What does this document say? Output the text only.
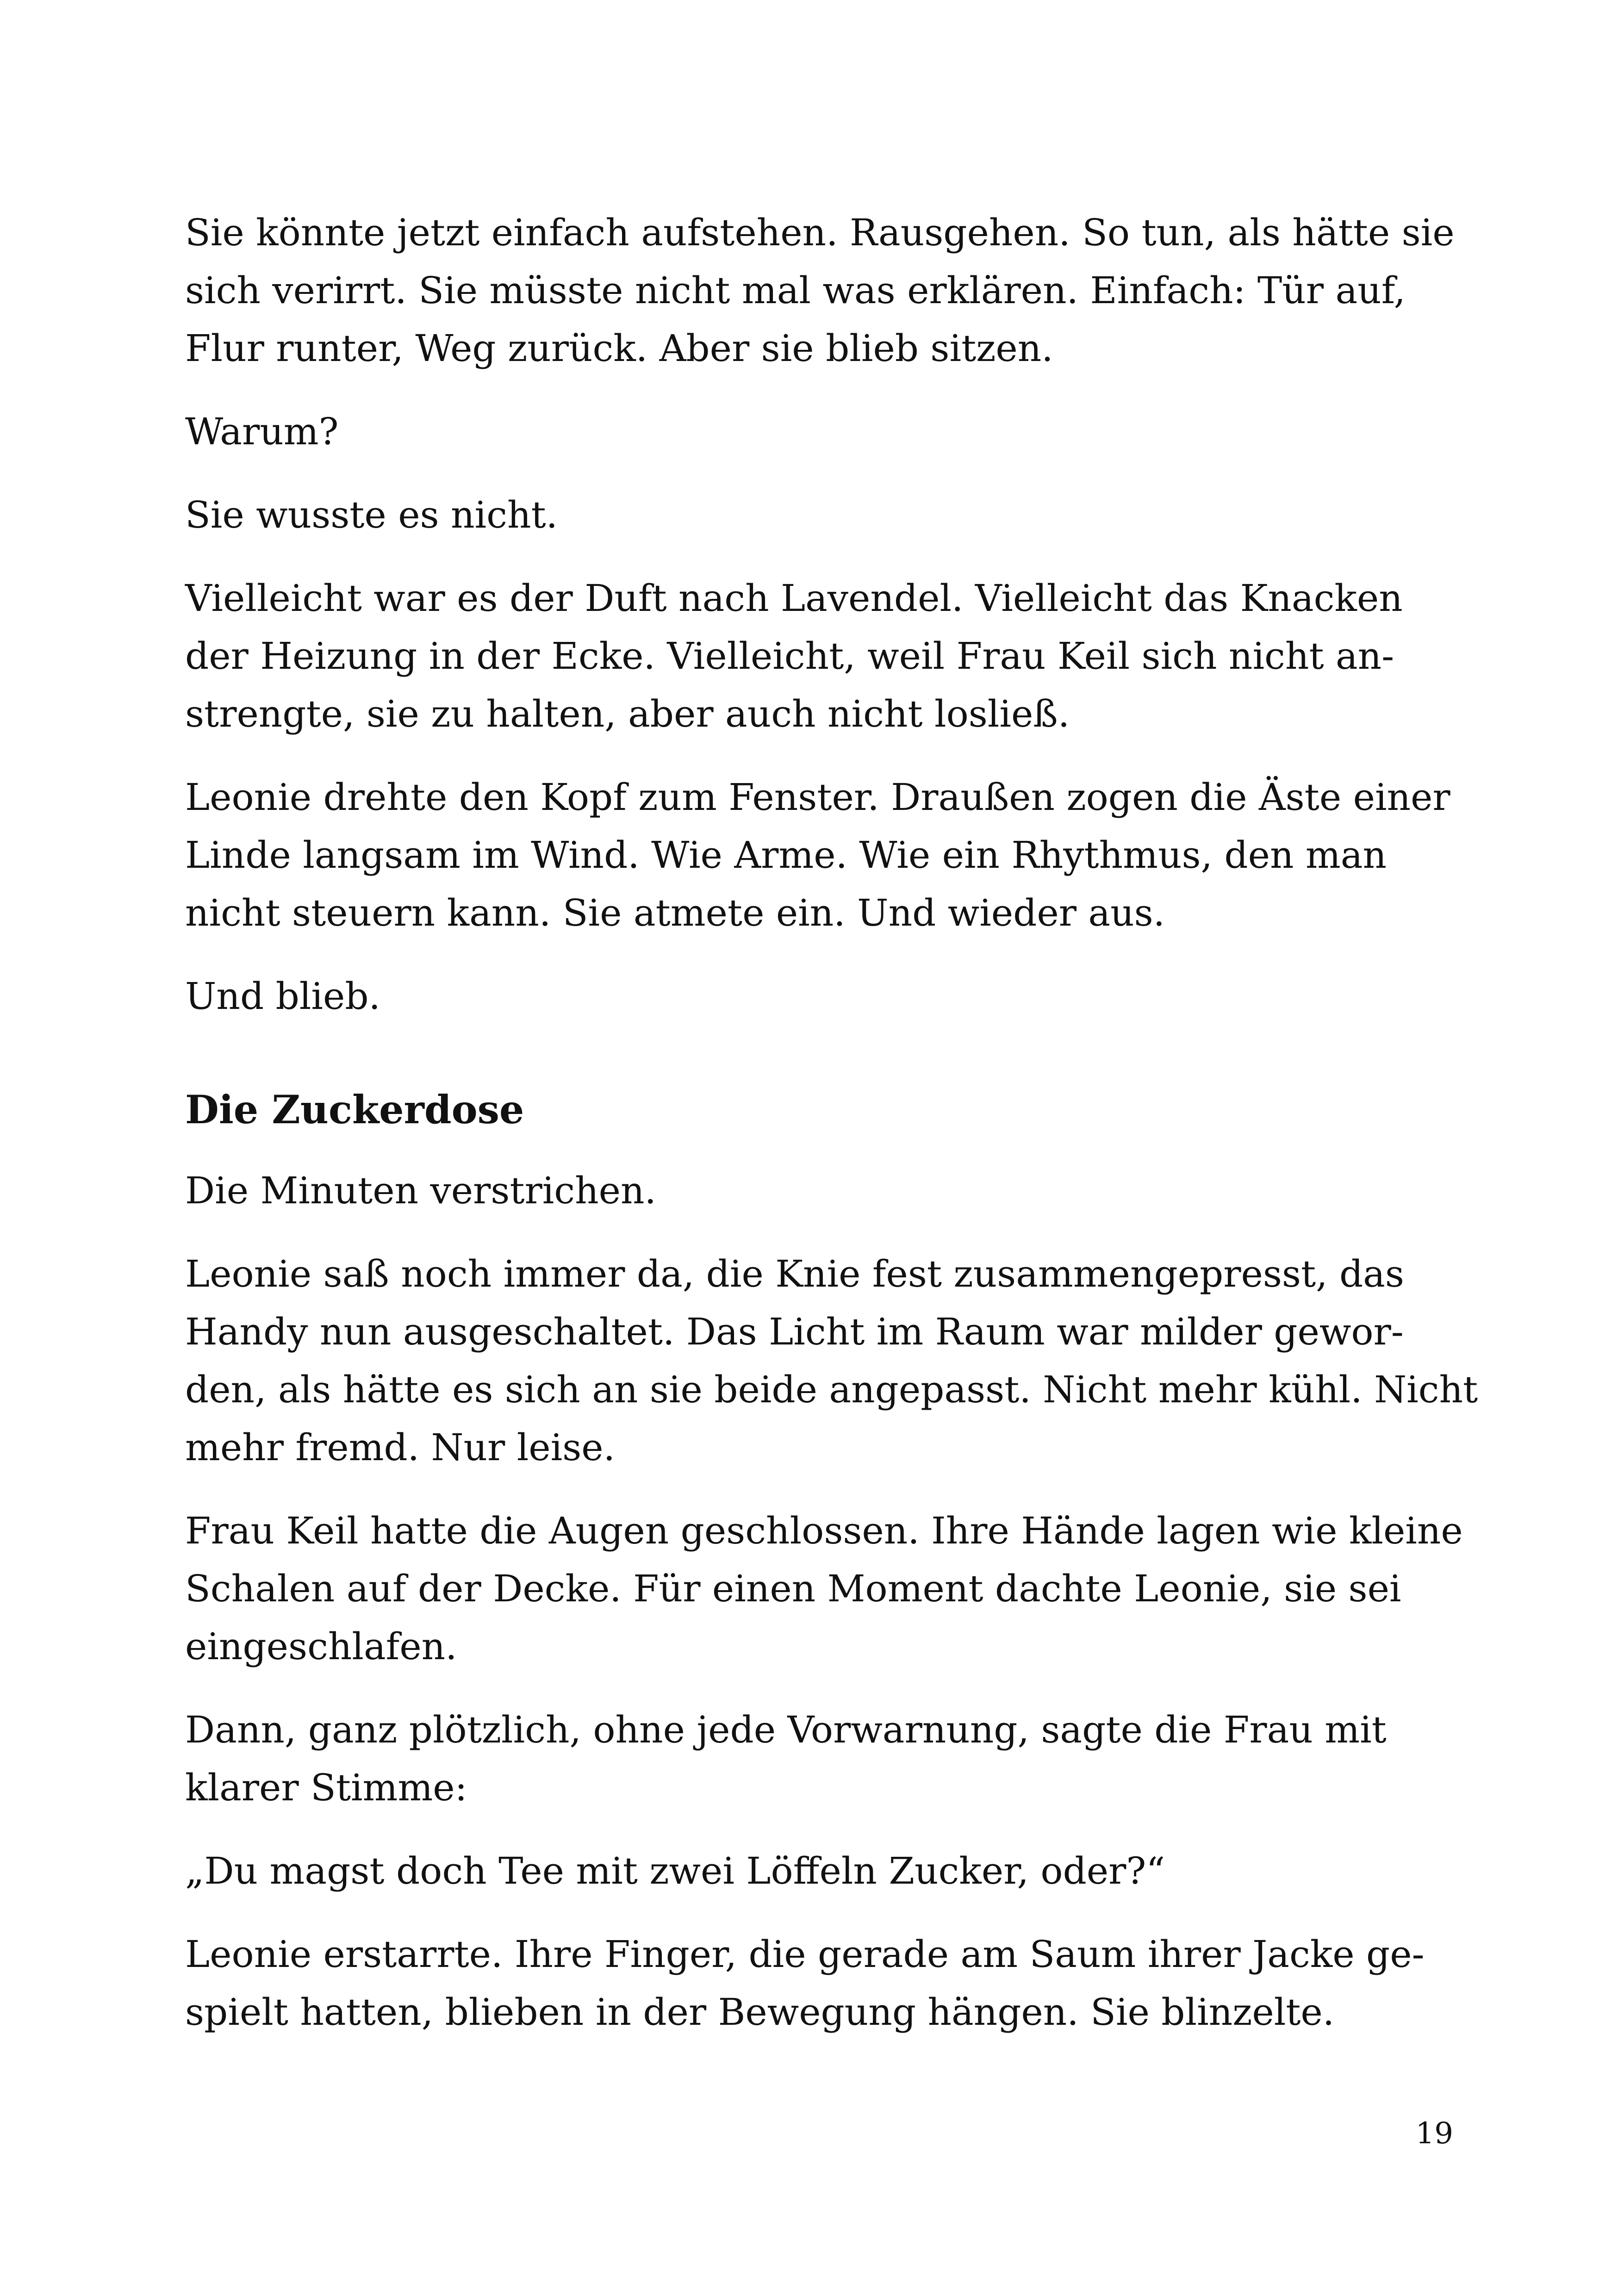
Sie könnte jetzt einfach aufstehen. Rausgehen. So tun, als hätte sie
sich verirrt. Sie müsste nicht mal was erklären. Einfach: Tür auf,
Flur runter, Weg zurück. Aber sie blieb sitzen.

Warum?

Sie wusste es nicht.

Vielleicht war es der Duft nach Lavendel. Vielleicht das Knacken
der Heizung in der Ecke. Vielleicht, weil Frau Keil sich nicht an-
strengte, sie zu halten, aber auch nicht losließ.

Leonie drehte den Kopf zum Fenster. Draußen zogen die Äste einer
Linde langsam im Wind. Wie Arme. Wie ein Rhythmus, den man
nicht steuern kann. Sie atmete ein. Und wieder aus.

Und blieb.

Die Zuckerdose

Die Minuten verstrichen.

Leonie saß noch immer da, die Knie fest zusammengepresst, das
Handy nun ausgeschaltet. Das Licht im Raum war milder gewor-
den, als hätte es sich an sie beide angepasst. Nicht mehr kühl. Nicht
mehr fremd. Nur leise.

Frau Keil hatte die Augen geschlossen. Ihre Hände lagen wie kleine
Schalen auf der Decke. Für einen Moment dachte Leonie, sie sei
eingeschlafen.

Dann, ganz plötzlich, ohne jede Vorwarnung, sagte die Frau mit
klarer Stimme:

„Du magst doch Tee mit zwei Löffeln Zucker, oder?“

Leonie erstarrte. Ihre Finger, die gerade am Saum ihrer Jacke ge-
spielt hatten, blieben in der Bewegung hängen. Sie blinzelte.

19
